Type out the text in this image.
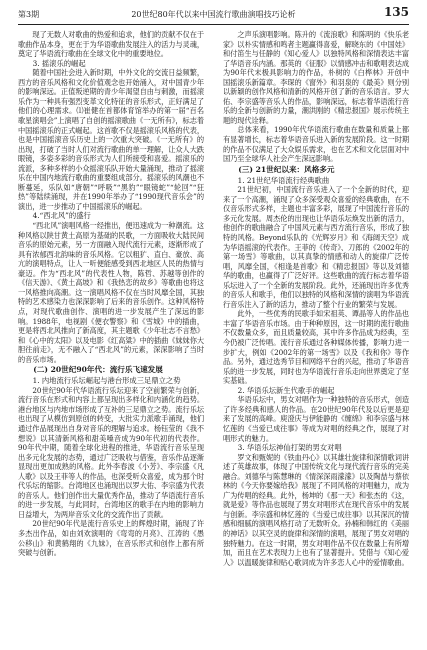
第3期	20世纪80年代以来中国流行歌曲演唱技巧论析	135

现了无数人对歌曲的热爱和追求，他们的贡献不仅在于歌曲作品本身，更在于为华语歌曲发展注入的活力与灵魂，奠定了华语流行歌曲在全球文化中的重要地位。

3. 摇滚乐的崛起

随着中国社会进入新时期，中外文化的交流日益频繁，西方的音乐风格和文化价值观念也开始涌入，对中国青少年的影响深远。正值叛逆期的青少年渴望自由与刺激，而摇滚乐作为一种具有强烈变革文化特征的音乐形式，正好满足了他们的心理需求。⑴崔健在首都体育馆举办的第一届“百名歌星演唱会”上演唱了自创的摇滚歌曲《一无所有》，标志着中国摇滚乐的正式崛起。这首歌不仅是摇滚乐风格的代表，也是中国摇滚音乐历史上的一次重大突破。《一无所有》的出现，打破了当时人们对流行歌曲的单一理解，让众人大跌眼镜，多姿多彩的音乐形式为人们所接受和喜爱。摇滚乐的流派，多种多样的小众摇滚乐队开始大量涌现，推动了摇滚乐在中国内地流行歌曲的重要组成部分。摇滚乐的风潮也不断蔓延，乐队如“唐朝”“呼吸”“黑豹”“眼镜蛇”“轮回”“狂热”等陆续涌现，并在1990年举办了“1990现代音乐会”的演出，进一步推动了中国摇滚乐的崛起。

4.“西北风”的盛行

“西北风”演唱风格一经推出，便迅速成为一种潮流。这种风格以陕甘黄土高原为基础的民歌，一方面吸收大陆民间音乐的原始元素，另一方面融入现代流行元素，逐渐形成了具有浓郁西北韵味的音乐风格。它以粗犷、直白、豪放、高亢的演唱特点，让人一听便能感受到西北地区人民的热情与豪迈。作为“西北风”的代表性人物，陈哲、苏越等创作的《信天游》、《黄土高坡》和《我热恋的故乡》等歌曲也将这一风格推向高潮。这一演唱风格不仅在当时风靡全国，其独特的艺术感染力也深深影响了后来的音乐创作。这种风格特点，对现代歌曲创作、演唱的进一步发展产生了深远的影响。1988年，电视剧《便衣警察》和《雪城》中的插曲，更是将西北风推向了新高度，其主题歌《少年壮志不言愁》和《心中的太阳》以及电影《红高粱》中的插曲《妹妹你大胆往前走》，无不融入了“西北风”的元素，深深影响了当时的音乐市场。

(二) 20世纪90年代：流行乐飞速发展
1. 内地流行乐坛崛起与港台形成三足鼎立之势

20世纪90年代华语流行乐坛迎来了空前繁荣与创新，流行音乐在形式和内容上都呈现出多样化和内涵化的趋势。港台地区与内地市场形成了互补的三足鼎立之势。流行乐坛也出现了从模仿到原创的转变，大批实力派歌手涌现，他们通过作品展现出自身对音乐的理解与追求。杨钰莹的《我不想说》以其清新风格和甜美嗓音成为90年代初的代表作。90年代中期，随着全球化进程的推进，华语流行音乐呈现出多元化发展的态势，通过广泛吸收与借鉴，音乐作品逐渐显现出更加成熟的风格。此外李春波《小芳》、李宗盛《凡人歌》以及王菲等人的作品，也深受听众喜爱，成为那个时代乐坛的缩影。台湾地区也涌现出以罗大佑、李宗盛为代表的音乐人。他们创作出大量优秀作品，推动了华语流行音乐的进一步发展，与此同时，台湾地区的歌手在内地的影响力日益增大，为两岸音乐文化的交流作出了贡献。

20世纪90年代是流行音乐史上的辉煌时期，涌现了许多杰出作品，如由刘欢演唱的《弯弯的月亮》、江涛的《愚公移山》和黄鹤翔的《九妹》，在音乐形式和创作上都有所突破与创新。

之声乐演唱影响。陈升的《流浪歌》和陈明的《快乐老家》以朴实情感和鸣者主题赢得喜爱，解晓东的《中国娃》和付笛生与任静的《知心爱人》以独特风格和深情表达丰富了华语音乐内涵。那英的《征服》以情感冲击和歌唱表达成为90年代末极具影响力的作品，朴树的《白桦林》开创中国摇滚乐新篇章。李琛的《窗外》和羽泉的《最美》则分别以新颖的创作风格和清新的风格开创了新的音乐语言。罗大佑、李宗盛等音乐人的作品，影响深远，标志着华语流行音乐的全新与创新的力量，潮洪刚的《精忠报国》展示传统主题的现代诠释。

总体来看，1990年代华语流行歌曲在数量和质量上都有显著增长，标志着华语音乐进入新的发展阶段。这一时期的作品不仅满足了大众娱乐需求，也在艺术和文化层面对中国乃至全球华人社会产生深远影响。

(三) 21世纪以来：风格多元
1. 21世纪华语流行经典歌曲

21世纪初，中国流行音乐进入了一个全新的时代，迎来了一个高潮，涌现了众多深受观众喜爱的经典歌曲，在不仅音乐形式多样，主题也丰富多彩，展现了中国流行音乐的多元化发展。周杰伦的出现也让华语乐坛焕发出新的活力，他创作的歌曲融合了中国风元素与西方流行音乐，形成了独特的风格。Beyond乐队的《光辉岁月》和《海阔天空》成为华语摇滚的代表作。王菲的《传奇》、刀郎的《2002年的第一场雪》等歌曲，以其真挚的情感和动人的旋律广泛传唱，风靡全国，《相逢是首歌》和《精忠报国》等以及刘德华的歌曲，也赢得了广泛好评。这些歌曲的流行标志着华语乐坛进入了一个全新的发展阶段。此外，还涌现出许多优秀的音乐人和歌手，他们以独特的风格和深情的演唱为华语流行音乐注入了新的活力，推动了整个行业的繁荣与发展。

此外，一些优秀的民歌手如宋祖英、谭晶等人的作品也丰富了华语音乐市场。由于种种原因，这一时期的流行歌曲不仅数量众多，而且质量较高，其中许多作品成为经典，至今仍被广泛传唱。流行音乐通过各种媒体传播，影响力进一步扩大，例如《2002年的第一场雪》以及《我和你》等作品。另外，通过选秀节目和网络平台的兴起，推动了华语音乐的进一步发展，同时也为华语流行音乐走向世界奠定了坚实基础。

2. 华语乐坛新生代歌手的崛起

华语乐坛中，男女对唱作为一种独特的音乐形式，创造了许多经典和感人的作品。在20世纪90年代及以后更是迎来了发展的高峰。庾澄庆与伊能静的《缠绵》和李宗盛与林忆莲的《当爱已成往事》等成为对唱的经典之作，展现了对唱形式的魅力。

3. 华语乐坛神仙打架的男女对唱

罗文和甄妮的《铁血丹心》以其雄壮旋律和深情歌词讲述了英雄故事，体现了中国传统文化与现代流行音乐的完美融合。刘德华与陈慧琳的《情深深雨濛濛》以及陶喆与蔡依林的《今天你要嫁给我》展现了不同风格的对唱魅力，成为广为传唱的经典。此外，杨坤的《那一天》和张杰的《这，就是爱》等作品也展现了男女对唱形式在现代音乐中的发展与创新。李宗盛和林忆莲的《当爱已成往事》以其深沉的情感和细腻的演唱风格打动了无数听众。孙楠和韩红的《美丽的神话》以其空灵的旋律和深情的演唱，展现了男女对唱的独特魅力。在这一时期，男女对唱作品不仅在数量上有所增加，而且在艺术表现力上也有了显著提升。凭借与《知心爱人》以温暖旋律和贴心歌词成为许多恋人心中的爱情歌曲。
